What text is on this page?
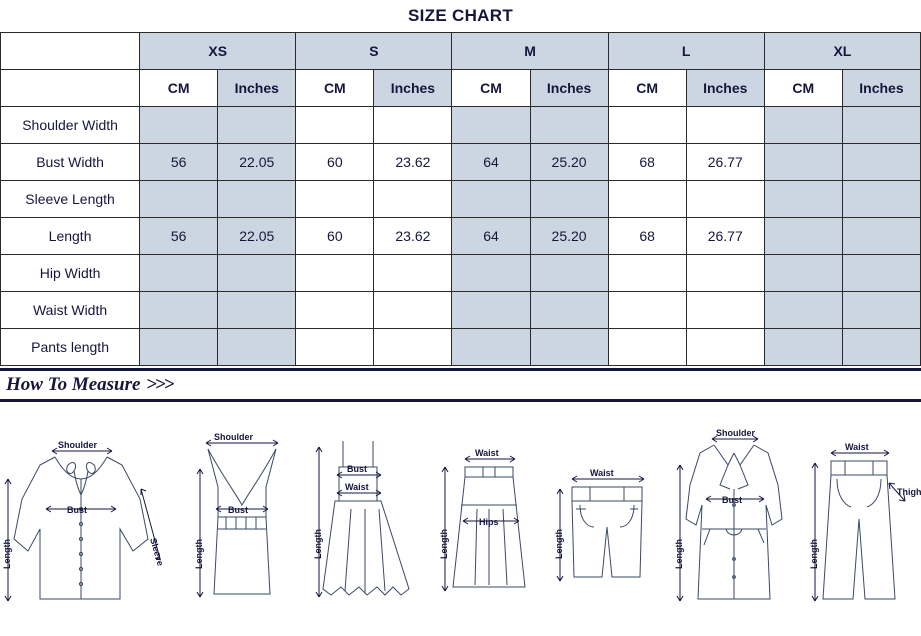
SIZE CHART
	XS		S		M		L		XL	
	CM	Inches	CM	Inches	CM	Inches	CM	Inches	CM	Inches
Shoulder Width										
Bust Width	56	22.05	60	23.62	64	25.20	68	26.77		
Sleeve Length										
Length	56	22.05	60	23.62	64	25.20	68	26.77		
Hip Width										
Waist Width										
Pants length										
How To Measure >>>
Shoulder
Bust
Sleeve
Length
Shoulder
Bust
Length
Bust
Waist
Length
Waist
Hips
Length
Waist
Length
Shoulder
Bust
Length
Waist
Thigh
Length
